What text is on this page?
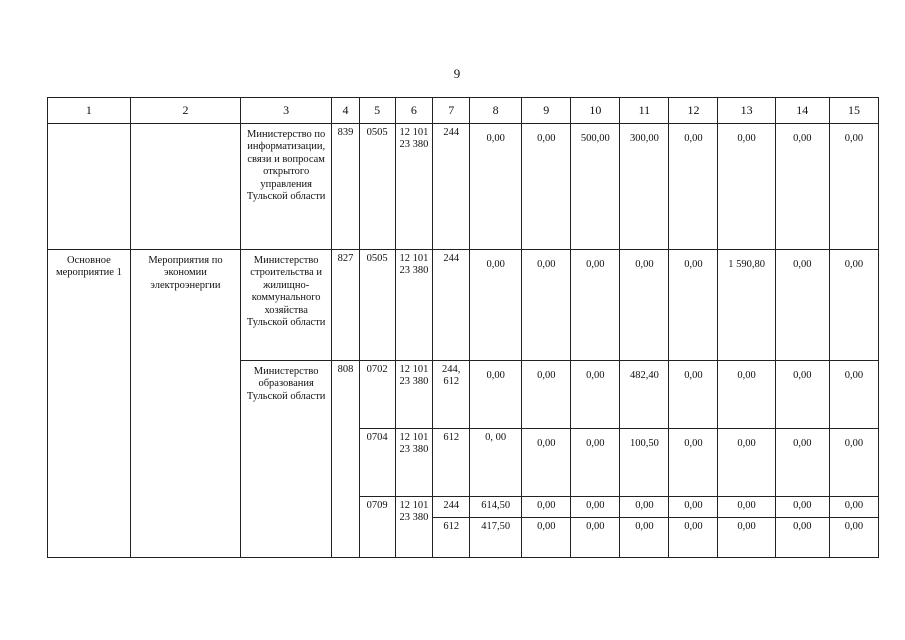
9
1	2	3	4	5	6	7	8	9	10	11	12	13	14	15
		Министерство по информатизации, связи и вопросам открытого управления Тульской области	839	0505	12 101 23 380	244	0,00	0,00	500,00	300,00	0,00	0,00	0,00	0,00
Основное мероприятие 1	Мероприятия по экономии электроэнергии	Министерство строительства и жилищно-коммунального хозяйства Тульской области	827	0505	12 101 23 380	244	0,00	0,00	0,00	0,00	0,00	1 590,80	0,00	0,00
		Министерство образования Тульской области	808	0702	12 101 23 380	244, 612	0,00	0,00	0,00	482,40	0,00	0,00	0,00	0,00
				0704	12 101 23 380	612	0, 00	0,00	0,00	100,50	0,00	0,00	0,00	0,00
				0709	12 101 23 380	244	614,50	0,00	0,00	0,00	0,00	0,00	0,00	0,00
						612	417,50	0,00	0,00	0,00	0,00	0,00	0,00	0,00
